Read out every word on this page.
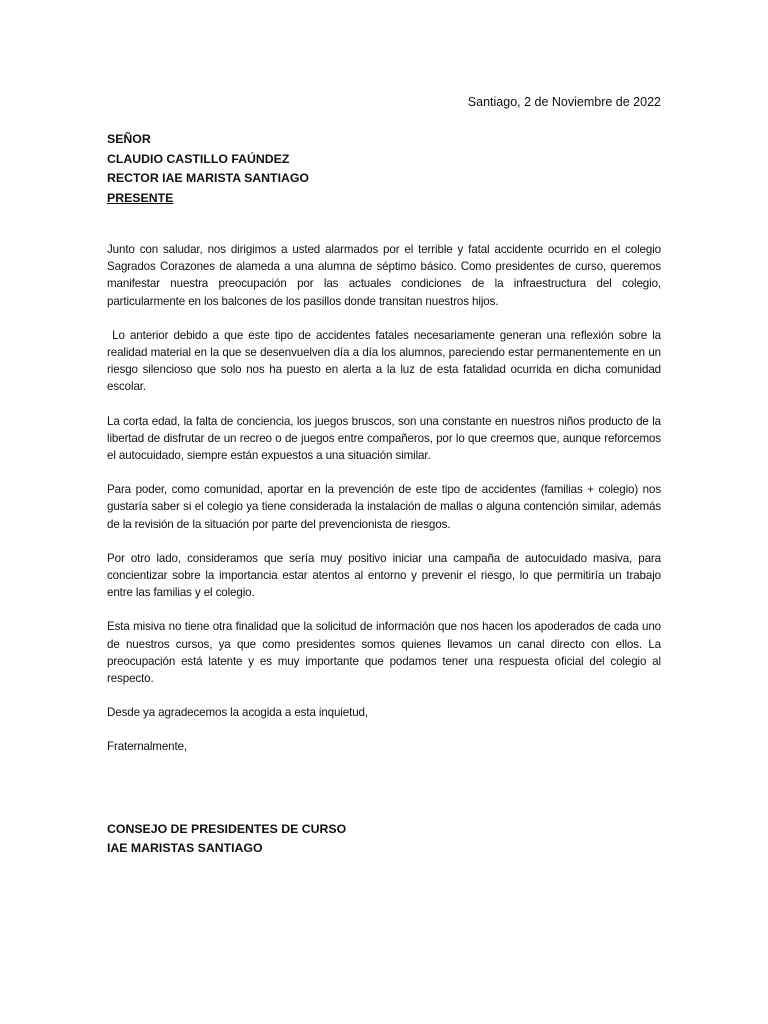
Santiago, 2 de Noviembre de 2022
SEÑOR
CLAUDIO CASTILLO FAÚNDEZ
RECTOR IAE MARISTA SANTIAGO
PRESENTE

Junto con saludar, nos dirigimos a usted alarmados por el terrible y fatal accidente ocurrido en el colegio Sagrados Corazones de alameda a una alumna de séptimo básico. Como presidentes de curso, queremos manifestar nuestra preocupación por las actuales condiciones de la infraestructura del colegio, particularmente en los balcones de los pasillos donde transitan nuestros hijos.

Lo anterior debido a que este tipo de accidentes fatales necesariamente generan una reflexión sobre la realidad material en la que se desenvuelven día a día los alumnos, pareciendo estar permanentemente en un riesgo silencioso que solo nos ha puesto en alerta a la luz de esta fatalidad ocurrida en dicha comunidad escolar.

La corta edad, la falta de conciencia, los juegos bruscos, son una constante en nuestros niños producto de la libertad de disfrutar de un recreo o de juegos entre compañeros, por lo que creemos que, aunque reforcemos el autocuidado, siempre están expuestos a una situación similar.

Para poder, como comunidad, aportar en la prevención de este tipo de accidentes (familias + colegio) nos gustaría saber si el colegio ya tiene considerada la instalación de mallas o alguna contención similar, además de la revisión de la situación por parte del prevencionista de riesgos.

Por otro lado, consideramos que sería muy positivo iniciar una campaña de autocuidado masiva, para concientizar sobre la importancia estar atentos al entorno y prevenir el riesgo, lo que permitiría un trabajo entre las familias y el colegio.

Esta misiva no tiene otra finalidad que la solicitud de información que nos hacen los apoderados de cada uno de nuestros cursos, ya que como presidentes somos quienes llevamos un canal directo con ellos. La preocupación está latente y es muy importante que podamos tener una respuesta oficial del colegio al respecto.

Desde ya agradecemos la acogida a esta inquietud,

Fraternalmente,

CONSEJO DE PRESIDENTES DE CURSO
IAE MARISTAS SANTIAGO
